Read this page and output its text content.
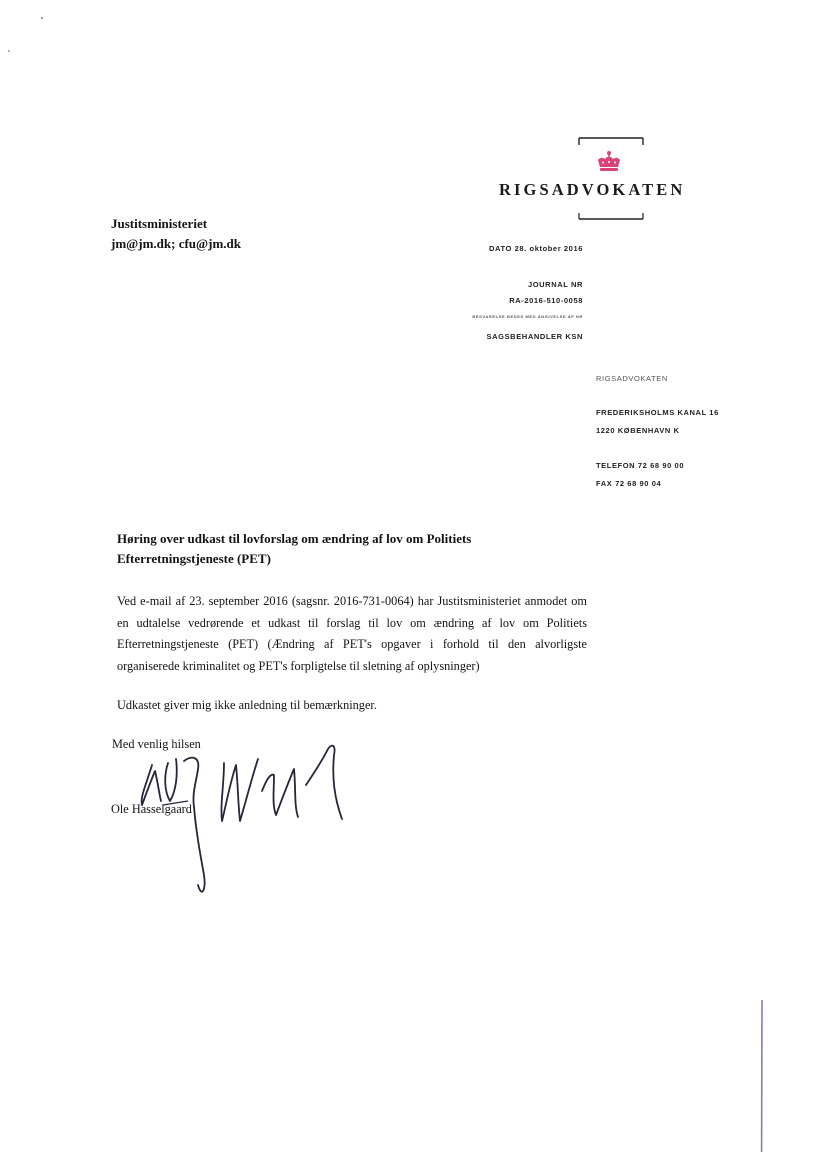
RIGSADVOKATEN
Justitsministeriet
jm@jm.dk; cfu@jm.dk	DATO 28. oktober 2016
JOURNAL NR
RA-2016-510-0058
BESVARELSE BEDES MED ANGIVELSE AF NR
SAGSBEHANDLER KSN
RIGSADVOKATEN
FREDERIKSHOLMS KANAL 16
1220 KØBENHAVN K
TELEFON 72 68 90 00
FAX 72 68 90 04
Høring over udkast til lovforslag om ændring af lov om Politiets Efterretningstjeneste (PET)
Ved e-mail af 23. september 2016 (sagsnr. 2016-731-0064) har Justitsministeriet anmodet om en udtalelse vedrørende et udkast til forslag til lov om ændring af lov om Politiets Efterretningstjeneste (PET) (Ændring af PET's opgaver i forhold til den alvorligste organiserede kriminalitet og PET's forpligtelse til sletning af oplysninger)
Udkastet giver mig ikke anledning til bemærkninger.
Med venlig hilsen
Ole Hasselgaard
